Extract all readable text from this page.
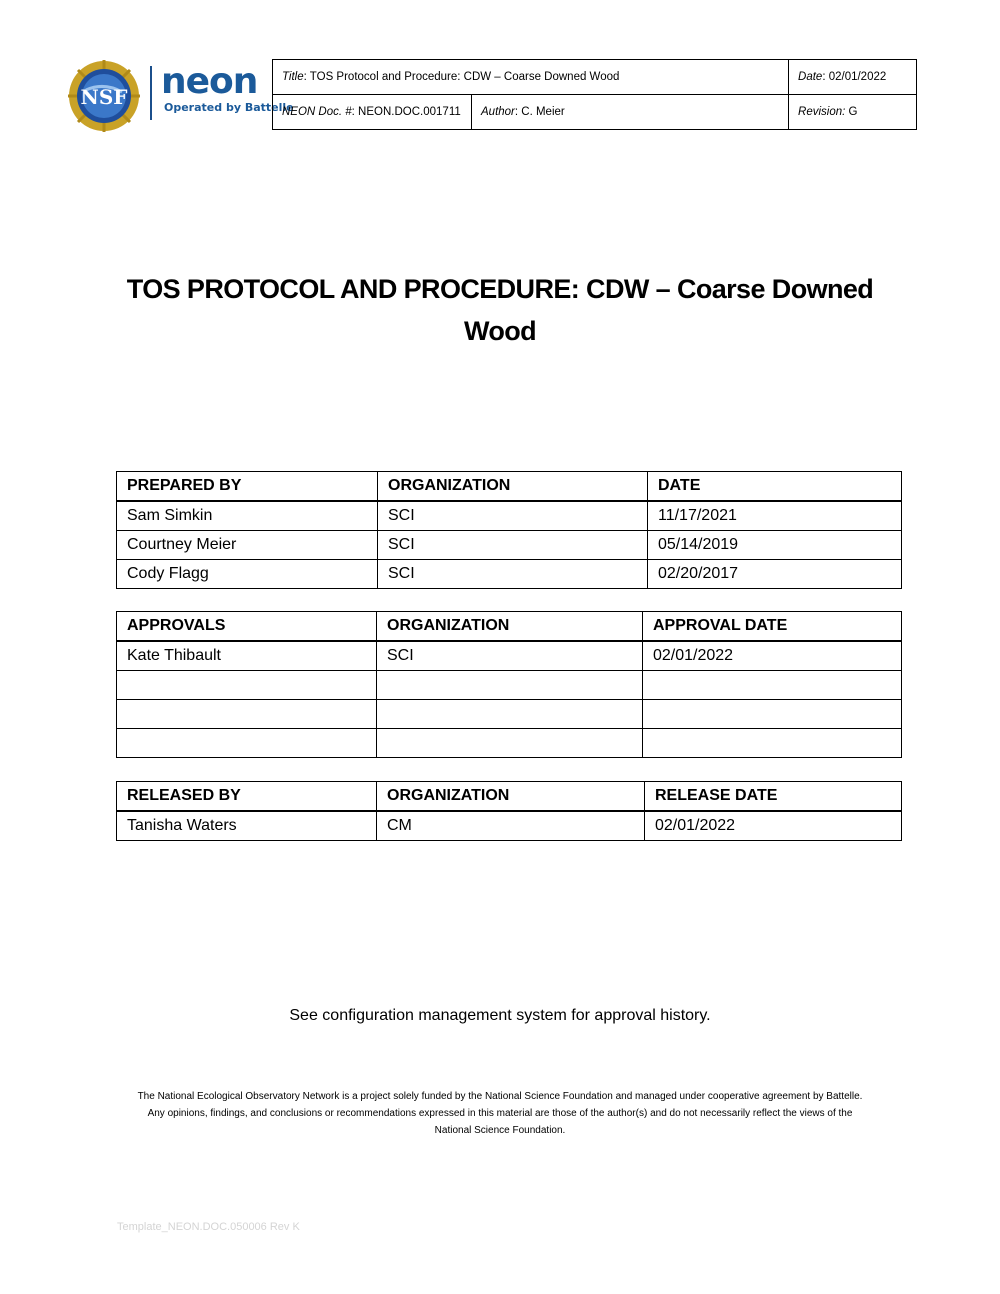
NSF neon
Operated by Battelle
Title: TOS Protocol and Procedure: CDW – Coarse Downed Wood		Date: 02/01/2022
NEON Doc. #: NEON.DOC.001711	Author: C. Meier	Revision: G
TOS PROTOCOL AND PROCEDURE: CDW – Coarse Downed
Wood
PREPARED BY	ORGANIZATION	DATE
Sam Simkin	SCI	11/17/2021
Courtney Meier	SCI	05/14/2019
Cody Flagg	SCI	02/20/2017
APPROVALS	ORGANIZATION	APPROVAL DATE
Kate Thibault	SCI	02/01/2022

RELEASED BY	ORGANIZATION	RELEASE DATE
Tanisha Waters	CM	02/01/2022
See configuration management system for approval history.
The National Ecological Observatory Network is a project solely funded by the National Science Foundation and managed under cooperative agreement by Battelle.
Any opinions, findings, and conclusions or recommendations expressed in this material are those of the author(s) and do not necessarily reflect the views of the
National Science Foundation.
Template_NEON.DOC.050006 Rev K
